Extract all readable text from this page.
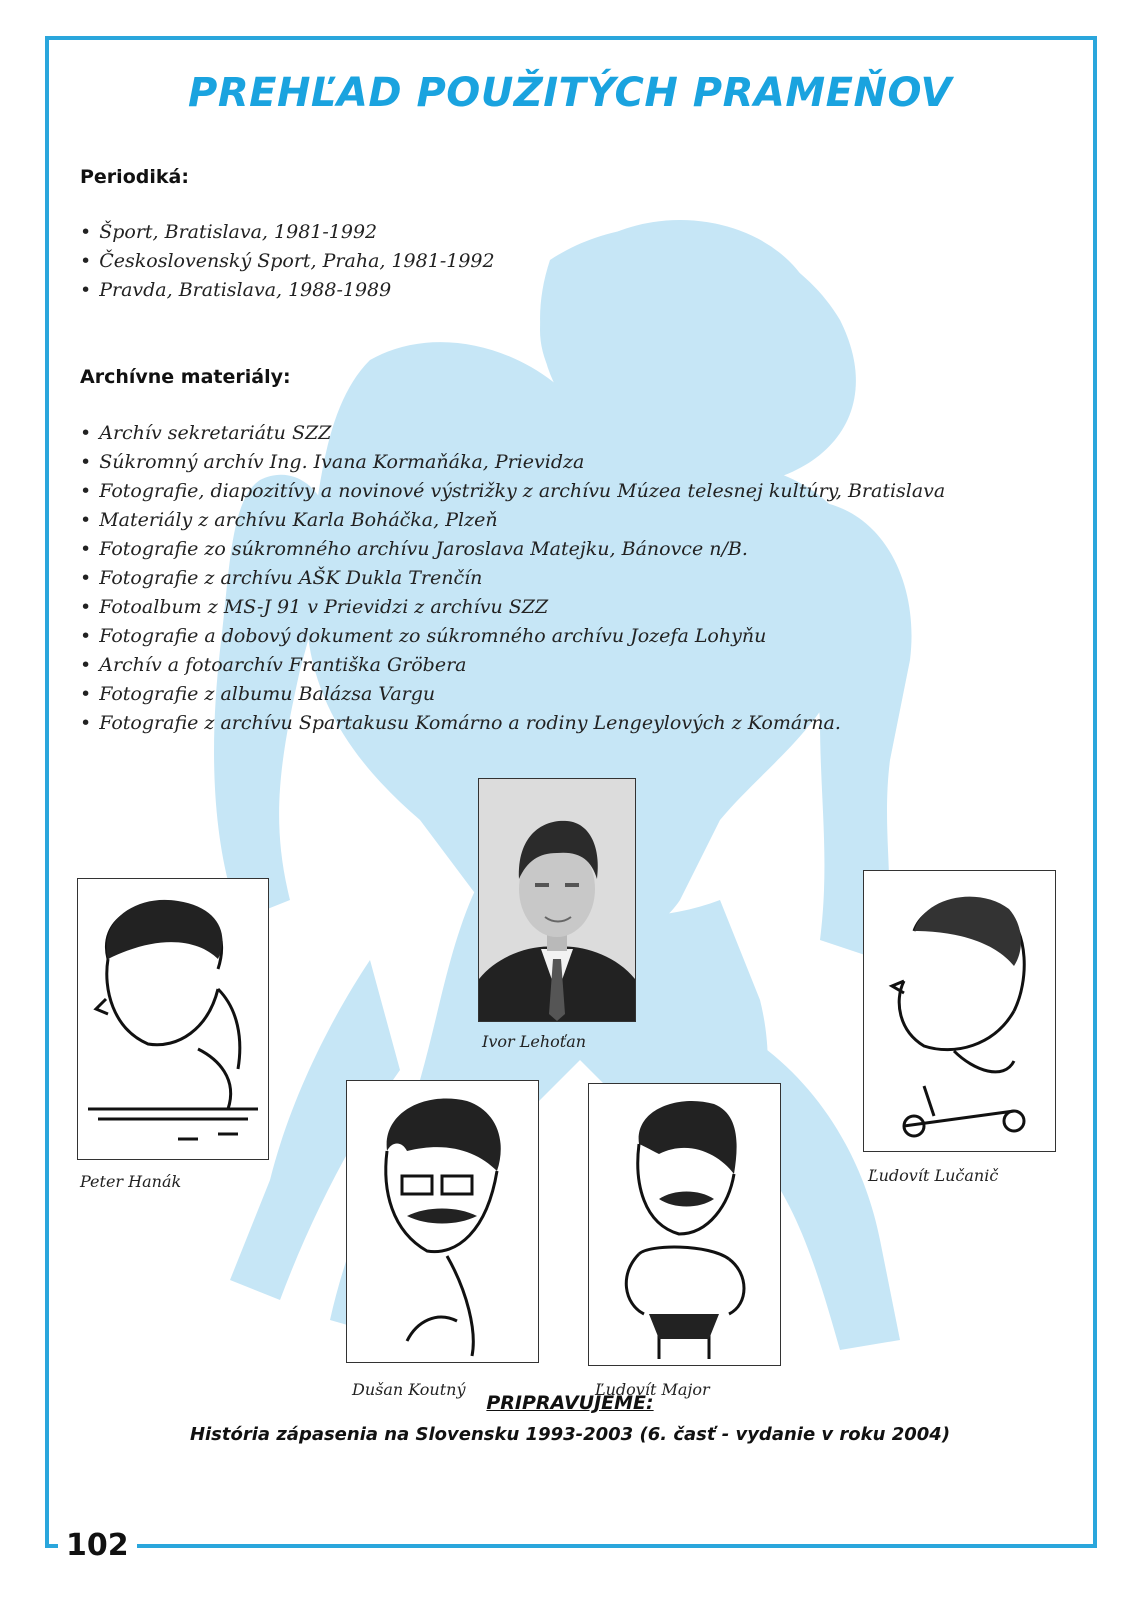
PREHĽAD POUŽITÝCH PRAMEŇOV
Periodiká:
• Šport, Bratislava, 1981-1992
• Československý Sport, Praha, 1981-1992
• Pravda, Bratislava, 1988-1989
Archívne materiály:
• Archív sekretariátu SZZ
• Súkromný archív Ing. Ivana Kormaňáka, Prievidza
• Fotografie, diapozitívy a novinové výstrižky z archívu Múzea telesnej kultúry, Bratislava
• Materiály z archívu Karla Boháčka, Plzeň
• Fotografie zo súkromného archívu Jaroslava Matejku, Bánovce n/B.
• Fotografie z archívu AŠK Dukla Trenčín
• Fotoalbum z MS-J 91 v Prievidzi z archívu SZZ
• Fotografie a dobový dokument zo súkromného archívu Jozefa Lohyňu
• Archív a fotoarchív Františka Gröbera
• Fotografie z albumu Balázsa Vargu
• Fotografie z archívu Spartakusu Komárno a rodiny Lengeylových z Komárna.
Ivor Lehoťan
Peter Hanák	Ľudovít Lučanič
Dušan Koutný	Ľudovít Major
PRIPRAVUJEME:
História zápasenia na Slovensku 1993-2003 (6. časť - vydanie v roku 2004)
102
